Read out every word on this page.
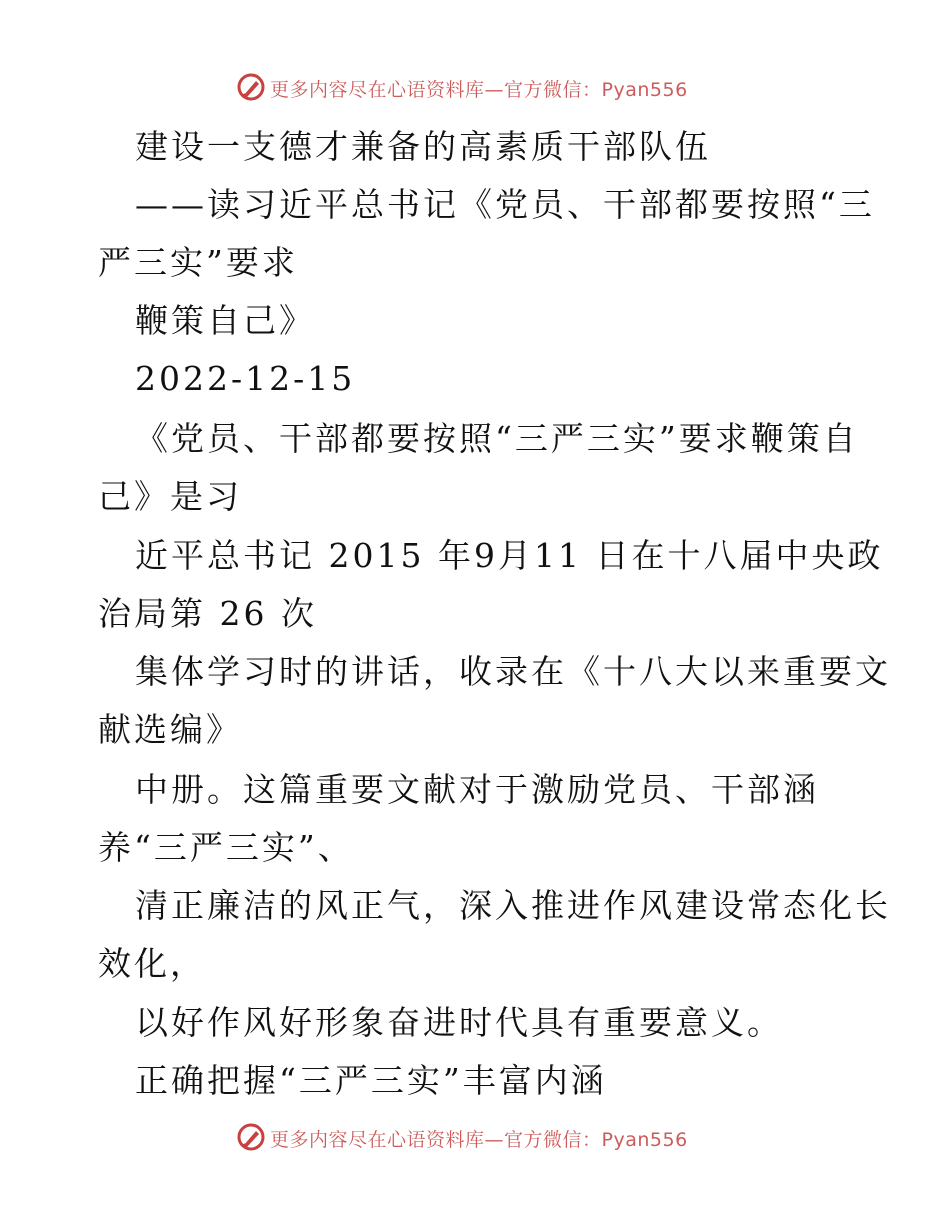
更多内容尽在心语资料库—官方微信：Pyan556
建设一支德才兼备的高素质干部队伍
——读习近平总书记《党员、干部都要按照“三
严三实”要求
鞭策自己》
2022-12-15
《党员、干部都要按照“三严三实”要求鞭策自
己》是习
近平总书记 2015 年9月11 日在十八届中央政
治局第 26 次
集体学习时的讲话，收录在《十八大以来重要文
献选编》
中册。这篇重要文献对于激励党员、干部涵
养“三严三实”、
清正廉洁的风正气，深入推进作风建设常态化长
效化，
以好作风好形象奋进时代具有重要意义。
正确把握“三严三实”丰富内涵
更多内容尽在心语资料库—官方微信：Pyan556
